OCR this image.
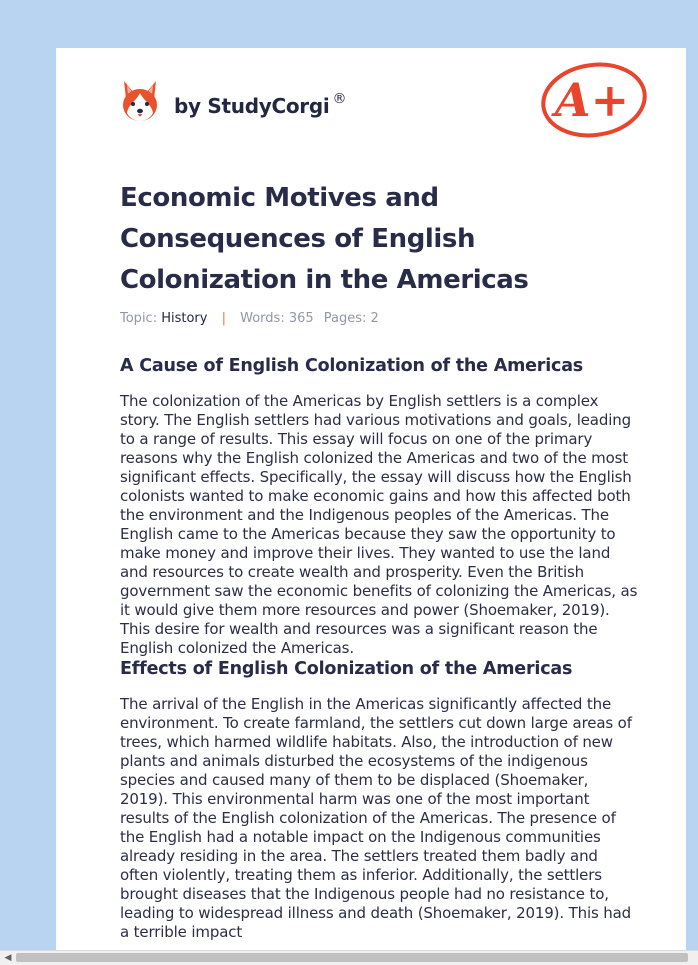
by StudyCorgi ®	A+
Economic Motives and Consequences of English Colonization in the Americas
Topic: History | Words: 365 Pages: 2
A Cause of English Colonization of the Americas

The colonization of the Americas by English settlers is a complex story. The English settlers had various motivations and goals, leading to a range of results. This essay will focus on one of the primary reasons why the English colonized the Americas and two of the most significant effects. Specifically, the essay will discuss how the English colonists wanted to make economic gains and how this affected both the environment and the Indigenous peoples of the Americas. The English came to the Americas because they saw the opportunity to make money and improve their lives. They wanted to use the land and resources to create wealth and prosperity. Even the British government saw the economic benefits of colonizing the Americas, as it would give them more resources and power (Shoemaker, 2019). This desire for wealth and resources was a significant reason the English colonized the Americas.

Effects of English Colonization of the Americas

The arrival of the English in the Americas significantly affected the environment. To create farmland, the settlers cut down large areas of trees, which harmed wildlife habitats. Also, the introduction of new plants and animals disturbed the ecosystems of the indigenous species and caused many of them to be displaced (Shoemaker, 2019). This environmental harm was one of the most important results of the English colonization of the Americas. The presence of the English had a notable impact on the Indigenous communities already residing in the area. The settlers treated them badly and often violently, treating them as inferior. Additionally, the settlers brought diseases that the Indigenous people had no resistance to, leading to widespread illness and death (Shoemaker, 2019). This had a terrible impact

◀
